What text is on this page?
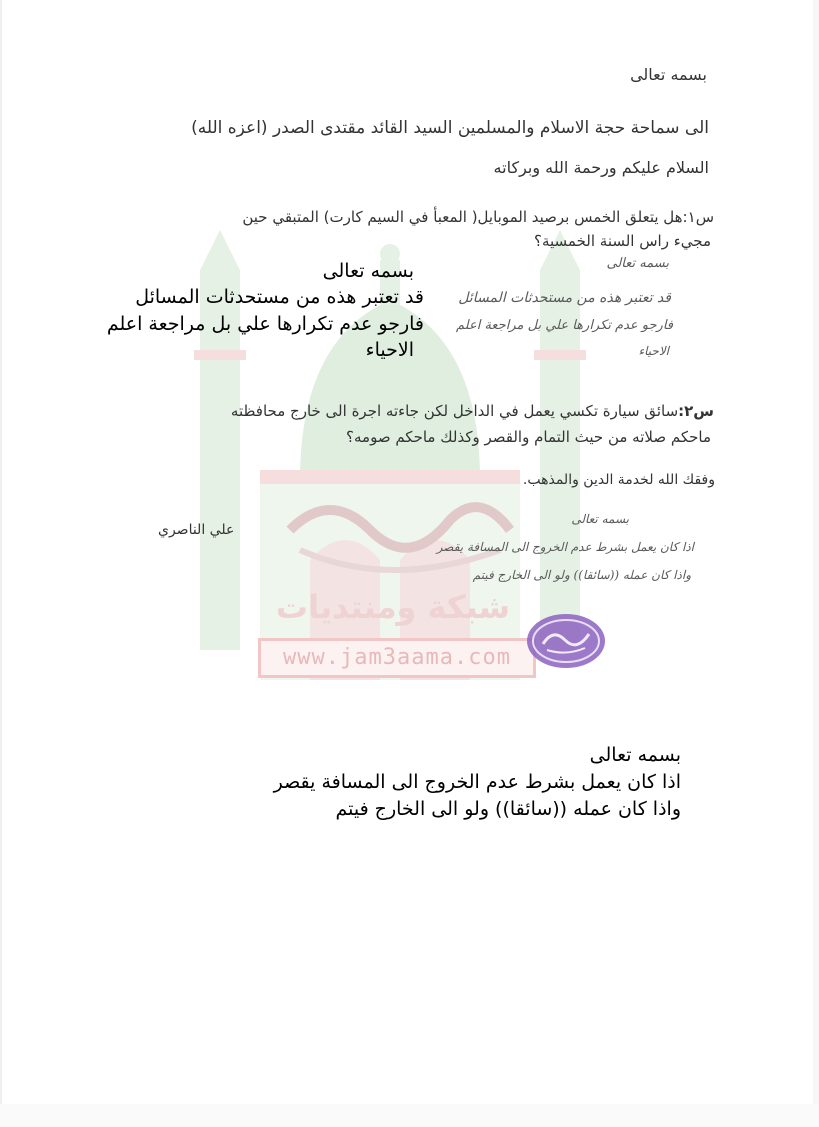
شبكة ومنتديات
www.jam3aama.com
بسمه تعالى
الى سماحة حجة الاسلام والمسلمين السيد القائد مقتدى الصدر (اعزه الله)
السلام عليكم ورحمة الله وبركاته
س١:هل يتعلق الخمس برصيد الموبايل( المعبأ في السيم كارت) المتبقي حين
مجيء راس السنة الخمسية؟
س٢:سائق سيارة تكسي يعمل في الداخل لكن جاءته اجرة الى خارج محافظته
ماحكم صلاته من حيث التمام والقصر وكذلك ماحكم صومه؟
وفقك الله لخدمة الدين والمذهب.
علي الناصري
بسمه تعالى
قد تعتبر هذه من مستحدثات المسائل
فارجو عدم تكرارها علي بل مراجعة اعلم
الاحياء
بسمه تعالى
اذا كان يعمل بشرط عدم الخروج الى المسافة يقصر
واذا كان عمله ((سائقا)) ولو الى الخارج فيتم
بسمه تعالى
قد تعتبر هذه من مستحدثات المسائل
فارجو عدم تكرارها علي بل مراجعة اعلم
الاحياء
بسمه تعالى
اذا كان يعمل بشرط عدم الخروج الى المسافة يقصر
واذا كان عمله ((سائقا)) ولو الى الخارج فيتم
